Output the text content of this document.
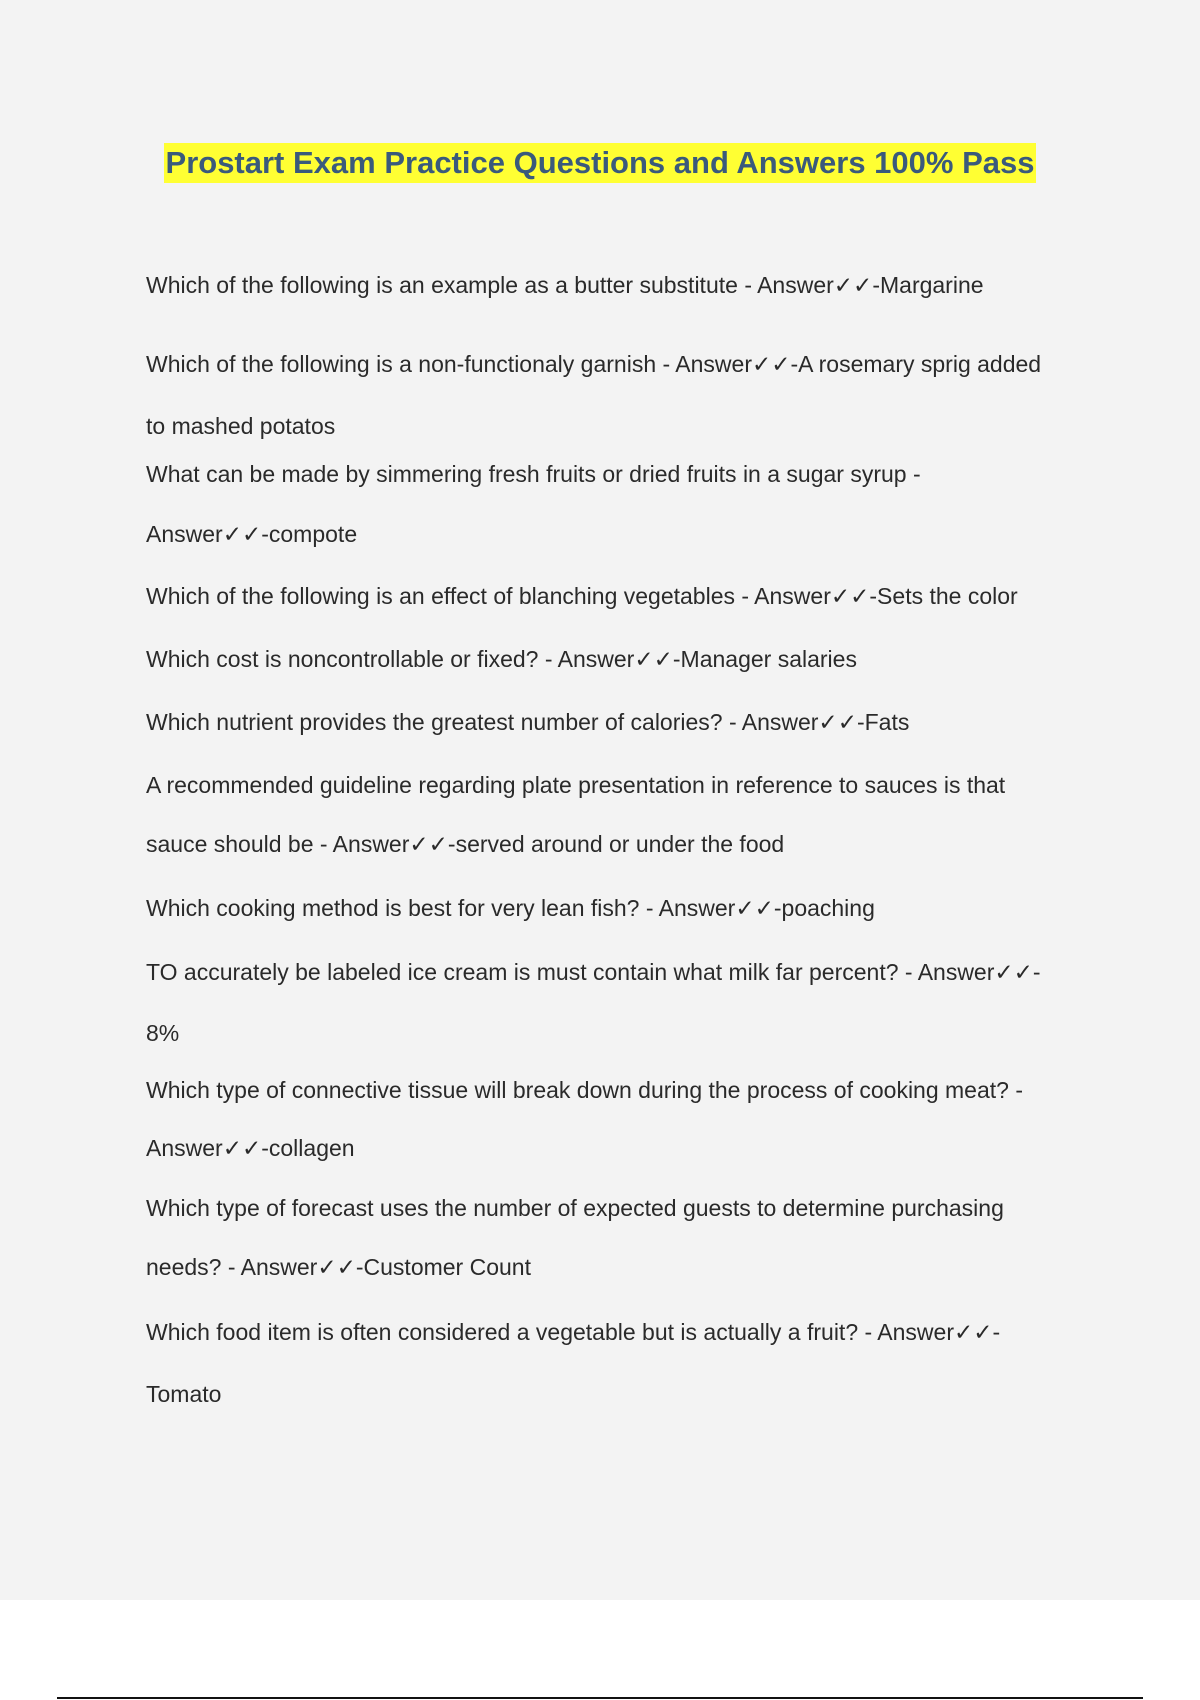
Prostart Exam Practice Questions and Answers 100% Pass
Which of the following is an example as a butter substitute - Answer✓✓-Margarine
Which of the following is a non-functionaly garnish - Answer✓✓-A rosemary sprig added
to mashed potatos
What can be made by simmering fresh fruits or dried fruits in a sugar syrup -
Answer✓✓-compote
Which of the following is an effect of blanching vegetables - Answer✓✓-Sets the color
Which cost is noncontrollable or fixed? - Answer✓✓-Manager salaries
Which nutrient provides the greatest number of calories? - Answer✓✓-Fats
A recommended guideline regarding plate presentation in reference to sauces is that
sauce should be - Answer✓✓-served around or under the food
Which cooking method is best for very lean fish? - Answer✓✓-poaching
TO accurately be labeled ice cream is must contain what milk far percent? - Answer✓✓-
8%
Which type of connective tissue will break down during the process of cooking meat? -
Answer✓✓-collagen
Which type of forecast uses the number of expected guests to determine purchasing
needs? - Answer✓✓-Customer Count
Which food item is often considered a vegetable but is actually a fruit? - Answer✓✓-
Tomato
